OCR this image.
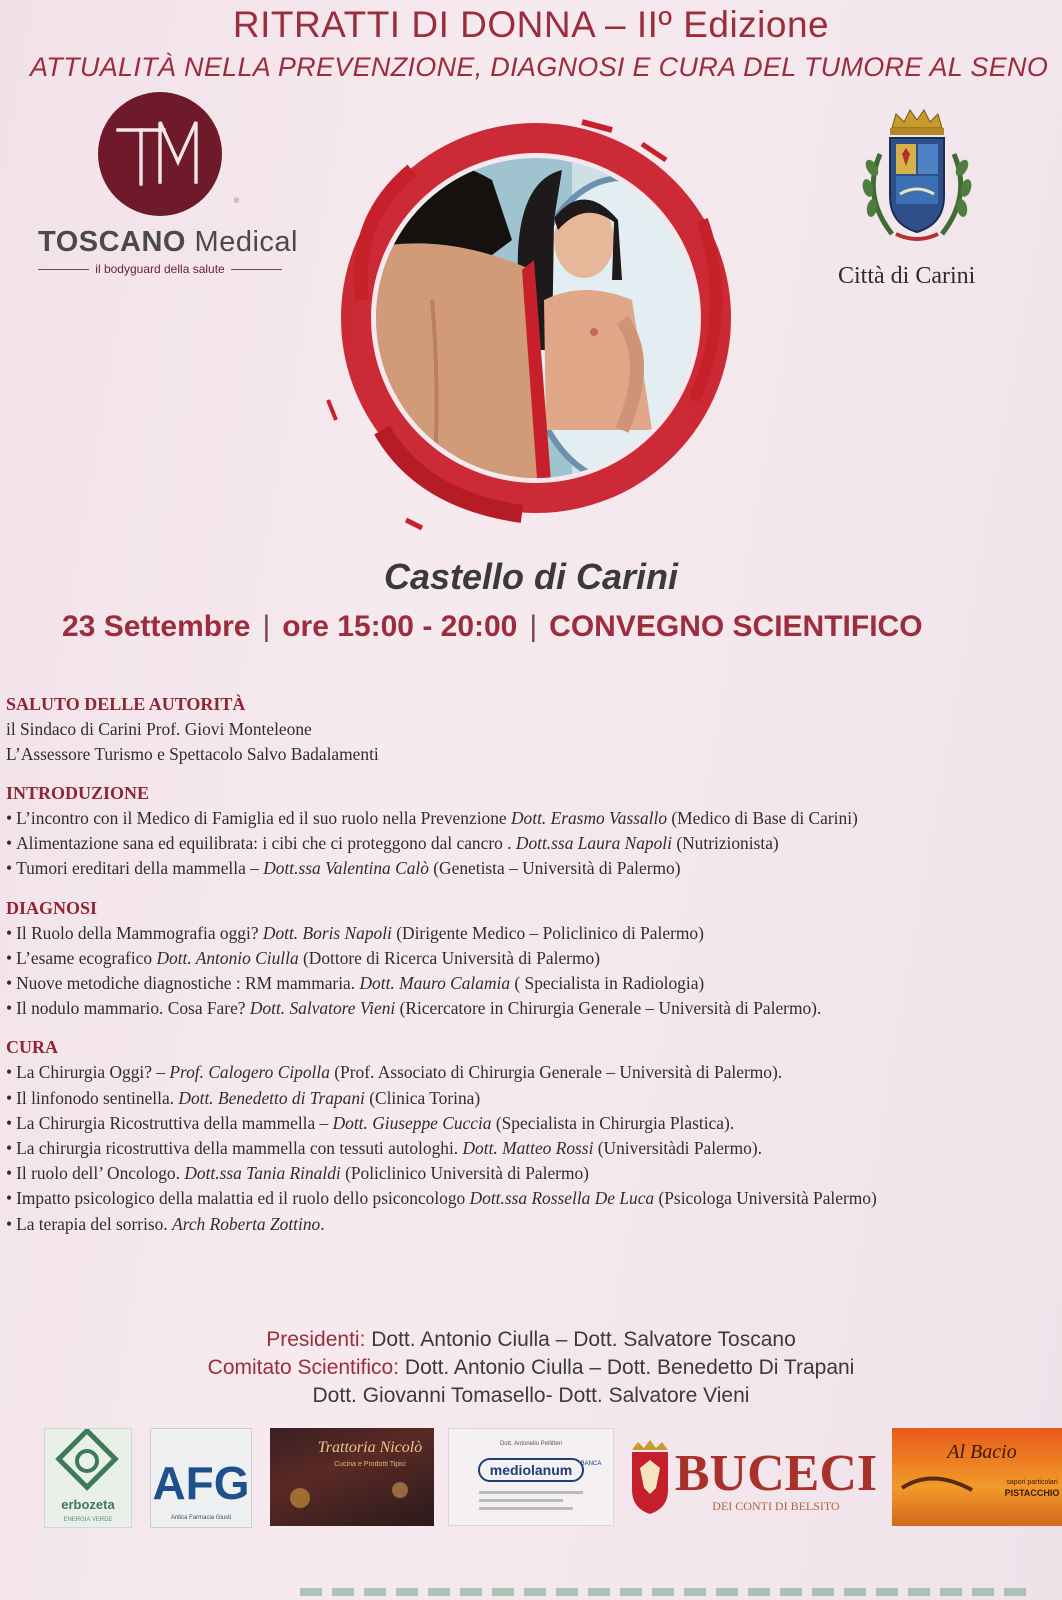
RITRATTI DI DONNA – IIº Edizione
ATTUALITÀ NELLA PREVENZIONE, DIAGNOSI E CURA DEL TUMORE AL SENO
®
TOSCANO Medical
il bodyguard della salute	Città di Carini
Castello di Carini
23 Settembre | ore 15:00 - 20:00 | CONVEGNO SCIENTIFICO
SALUTO DELLE AUTORITÀ
il Sindaco di Carini Prof. Giovi Monteleone
L’Assessore Turismo e Spettacolo Salvo Badalamenti
INTRODUZIONE
• L’incontro con il Medico di Famiglia ed il suo ruolo nella Prevenzione Dott. Erasmo Vassallo (Medico di Base di Carini)
• Alimentazione sana ed equilibrata: i cibi che ci proteggono dal cancro . Dott.ssa Laura Napoli (Nutrizionista)
• Tumori ereditari della mammella – Dott.ssa Valentina Calò (Genetista – Università di Palermo)
DIAGNOSI
• Il Ruolo della Mammografia oggi? Dott. Boris Napoli (Dirigente Medico – Policlinico di Palermo)
• L’esame ecografico Dott. Antonio Ciulla (Dottore di Ricerca Università di Palermo)
• Nuove metodiche diagnostiche : RM mammaria. Dott. Mauro Calamia ( Specialista in Radiologia)
• Il nodulo mammario. Cosa Fare? Dott. Salvatore Vieni (Ricercatore in Chirurgia Generale – Università di Palermo).
CURA
• La Chirurgia Oggi? – Prof. Calogero Cipolla (Prof. Associato di Chirurgia Generale – Università di Palermo).
• Il linfonodo sentinella. Dott. Benedetto di Trapani (Clinica Torina)
• La Chirurgia Ricostruttiva della mammella – Dott. Giuseppe Cuccia (Specialista in Chirurgia Plastica).
• La chirurgia ricostruttiva della mammella con tessuti autologhi. Dott. Matteo Rossi (Universitàdi Palermo).
• Il ruolo dell’ Oncologo. Dott.ssa Tania Rinaldi (Policlinico Università di Palermo)
• Impatto psicologico della malattia ed il ruolo dello psiconcologo Dott.ssa Rossella De Luca (Psicologa Università Palermo)
• La terapia del sorriso. Arch Roberta Zottino.
Presidenti: Dott. Antonio Ciulla – Dott. Salvatore Toscano
Comitato Scientifico: Dott. Antonio Ciulla – Dott. Benedetto Di Trapani
Dott. Giovanni Tomasello- Dott. Salvatore Vieni
erbozeta
ENERGIA VERDE
AFG
Antica Farmacia Giusti
Trattoria Nicolò
Cucina e Prodotti Tipici
Dott. Antonello Pellitteri
mediolanum BANCA BUCECI
DEI CONTI DI BELSITO
Al Bacio
sapori particolari
PISTACCHIO
